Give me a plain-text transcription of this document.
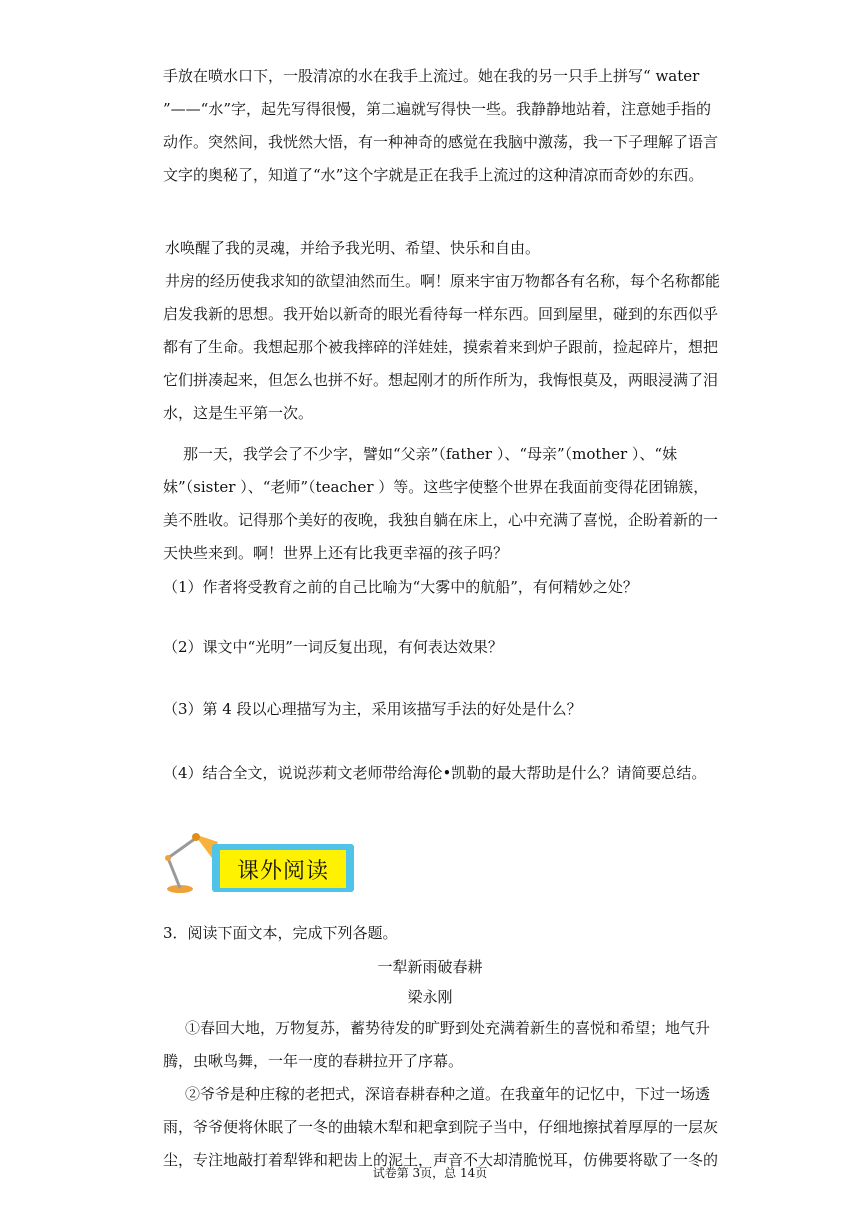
手放在喷水口下，一股清凉的水在我手上流过。她在我的另一只手上拼写“ water ”——“水”字，起先写得很慢，第二遍就写得快一些。我静静地站着，注意她手指的动作。突然间，我恍然大悟，有一种神奇的感觉在我脑中激荡，我一下子理解了语言文字的奥秘了，知道了“水”这个字就是正在我手上流过的这种清凉而奇妙的东西。

水唤醒了我的灵魂，并给予我光明、希望、快乐和自由。

井房的经历使我求知的欲望油然而生。啊！原来宇宙万物都各有名称，每个名称都能启发我新的思想。我开始以新奇的眼光看待每一样东西。回到屋里，碰到的东西似乎都有了生命。我想起那个被我摔碎的洋娃娃，摸索着来到炉子跟前，捡起碎片，想把它们拼凑起来，但怎么也拼不好。想起刚才的所作所为，我悔恨莫及，两眼浸满了泪水，这是生平第一次。

那一天，我学会了不少字，譬如“父亲”（father ）、“母亲”（mother ）、“妹妹”（sister ）、“老师”（teacher ）等。这些字使整个世界在我面前变得花团锦簇，美不胜收。记得那个美好的夜晚，我独自躺在床上，心中充满了喜悦，企盼着新的一天快些来到。啊！世界上还有比我更幸福的孩子吗？

（1）作者将受教育之前的自己比喻为“大雾中的航船”，有何精妙之处？

（2）课文中“光明”一词反复出现，有何表达效果？

（3）第 4 段以心理描写为主，采用该描写手法的好处是什么？

（4）结合全文，说说莎莉文老师带给海伦•凯勒的最大帮助是什么？请简要总结。

课外阅读

3．阅读下面文本，完成下列各题。

一犁新雨破春耕

梁永刚

①春回大地，万物复苏，蓄势待发的旷野到处充满着新生的喜悦和希望；地气升腾，虫啾鸟舞，一年一度的春耕拉开了序幕。

②爷爷是种庄稼的老把式，深谙春耕春种之道。在我童年的记忆中，下过一场透雨，爷爷便将休眠了一冬的曲辕木犁和耙拿到院子当中，仔细地擦拭着厚厚的一层灰尘，专注地敲打着犁铧和耙齿上的泥土，声音不大却清脆悦耳，仿佛要将歇了一冬的

试卷第 3页，总 14页
